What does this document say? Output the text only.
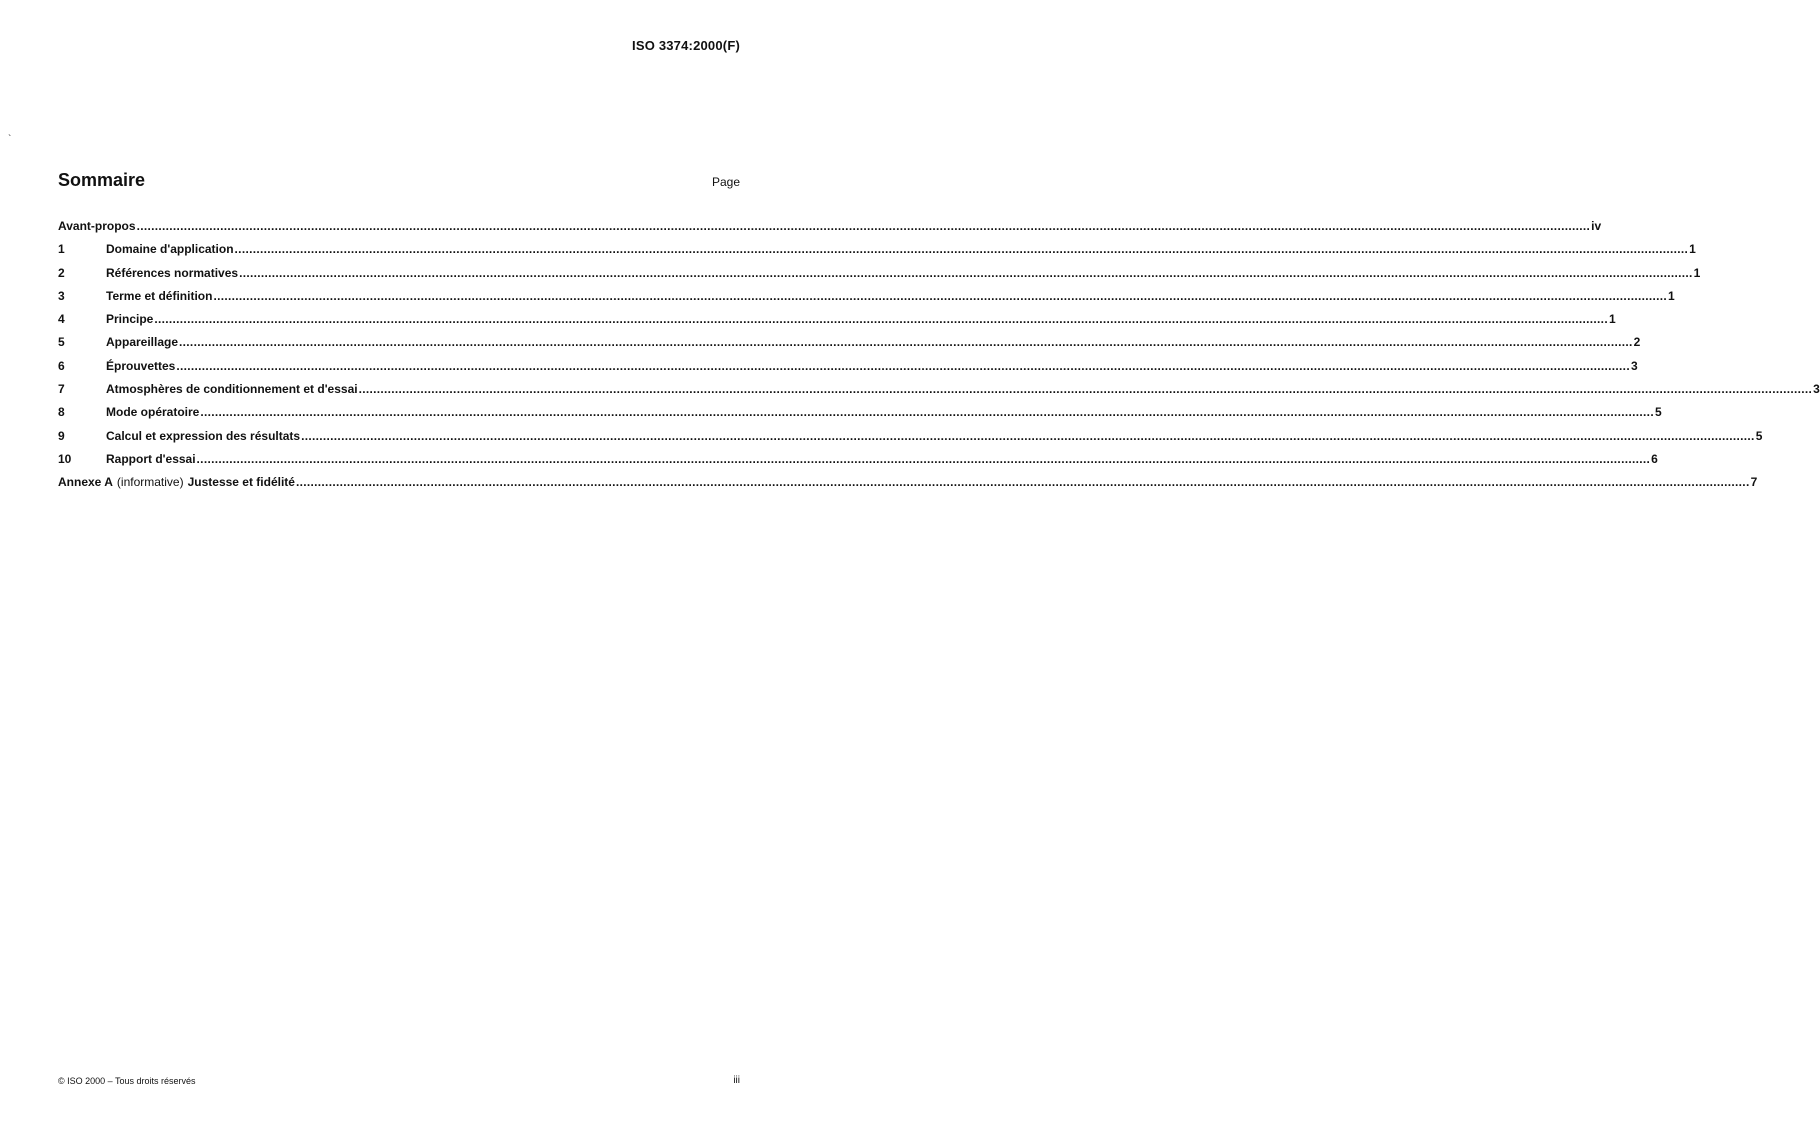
ISO 3374:2000(F)
`
Sommaire	Page
Avant-propos ................................................................................................................................................................................................................................................................................................................................................................................................................ iv
1	Domaine d'application ................................................................................................................................................................................................................................................................................................................................................................................................................ 1
2	Références normatives ................................................................................................................................................................................................................................................................................................................................................................................................................ 1
3	Terme et définition ................................................................................................................................................................................................................................................................................................................................................................................................................ 1
4	Principe ................................................................................................................................................................................................................................................................................................................................................................................................................ 1
5	Appareillage ................................................................................................................................................................................................................................................................................................................................................................................................................ 2
6	Éprouvettes ................................................................................................................................................................................................................................................................................................................................................................................................................ 3
7	Atmosphères de conditionnement et d'essai ................................................................................................................................................................................................................................................................................................................................................................................................................ 3
8	Mode opératoire ................................................................................................................................................................................................................................................................................................................................................................................................................ 5
9	Calcul et expression des résultats ................................................................................................................................................................................................................................................................................................................................................................................................................ 5
10	Rapport d'essai ................................................................................................................................................................................................................................................................................................................................................................................................................ 6
Annexe A (informative) Justesse et fidélité ................................................................................................................................................................................................................................................................................................................................................................................................................ 7
© ISO 2000 – Tous droits réservés	iii
